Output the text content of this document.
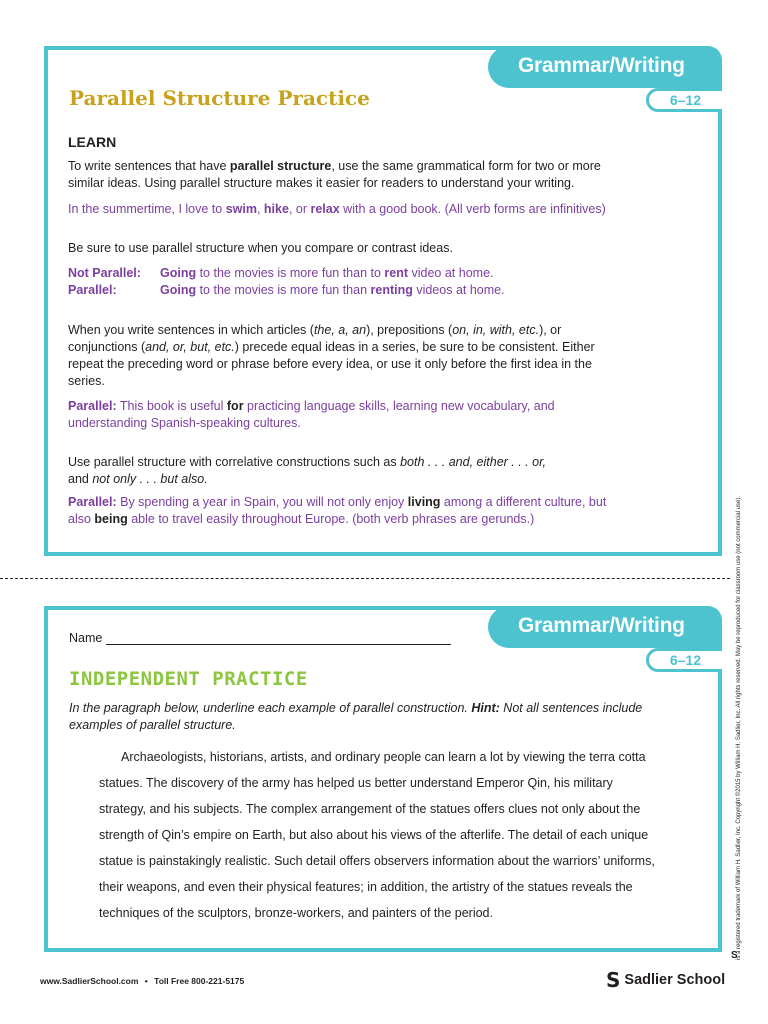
Grammar/Writing
6–12
Parallel Structure Practice
LEARN

To write sentences that have parallel structure, use the same grammatical form for two or more similar ideas. Using parallel structure makes it easier for readers to understand your writing.

In the summertime, I love to swim, hike, or relax with a good book. (All verb forms are infinitives)

Be sure to use parallel structure when you compare or contrast ideas.

Not Parallel: Going to the movies is more fun than to rent video at home.
Parallel:	Going to the movies is more fun than renting videos at home.

When you write sentences in which articles (the, a, an), prepositions (on, in, with, etc.), or conjunctions (and, or, but, etc.) precede equal ideas in a series, be sure to be consistent. Either repeat the preceding word or phrase before every idea, or use it only before the first idea in the series.

Parallel: This book is useful for practicing language skills, learning new vocabulary, and understanding Spanish-speaking cultures.

Use parallel structure with correlative constructions such as both . . . and, either . . . or, and not only . . . but also.

Parallel: By spending a year in Spain, you will not only enjoy living among a different culture, but also being able to travel easily throughout Europe. (both verb phrases are gerunds.)

Grammar/Writing
6–12
Name
INDEPENDENT PRACTICE

In the paragraph below, underline each example of parallel construction. Hint: Not all sentences include examples of parallel structure.

Archaeologists, historians, artists, and ordinary people can learn a lot by viewing the terra cotta statues. The discovery of the army has helped us better understand Emperor Qin, his military strategy, and his subjects. The complex arrangement of the statues offers clues not only about the strength of Qin’s empire on Earth, but also about his views of the afterlife. The detail of each unique statue is painstakingly realistic. Such detail offers observers information about the warriors’ uniforms, their weapons, and even their physical features; in addition, the artistry of the statues reveals the techniques of the sculptors, bronze-workers, and painters of the period.	is a registered trademark of William H. Sadlier, Inc. Copyright ©2015 by William H. Sadlier, Inc. All rights reserved. May be reproduced for classroom use (not commercial use).
S
www.SadlierSchool.com • Toll Free 800-221-5175	S Sadlier School
